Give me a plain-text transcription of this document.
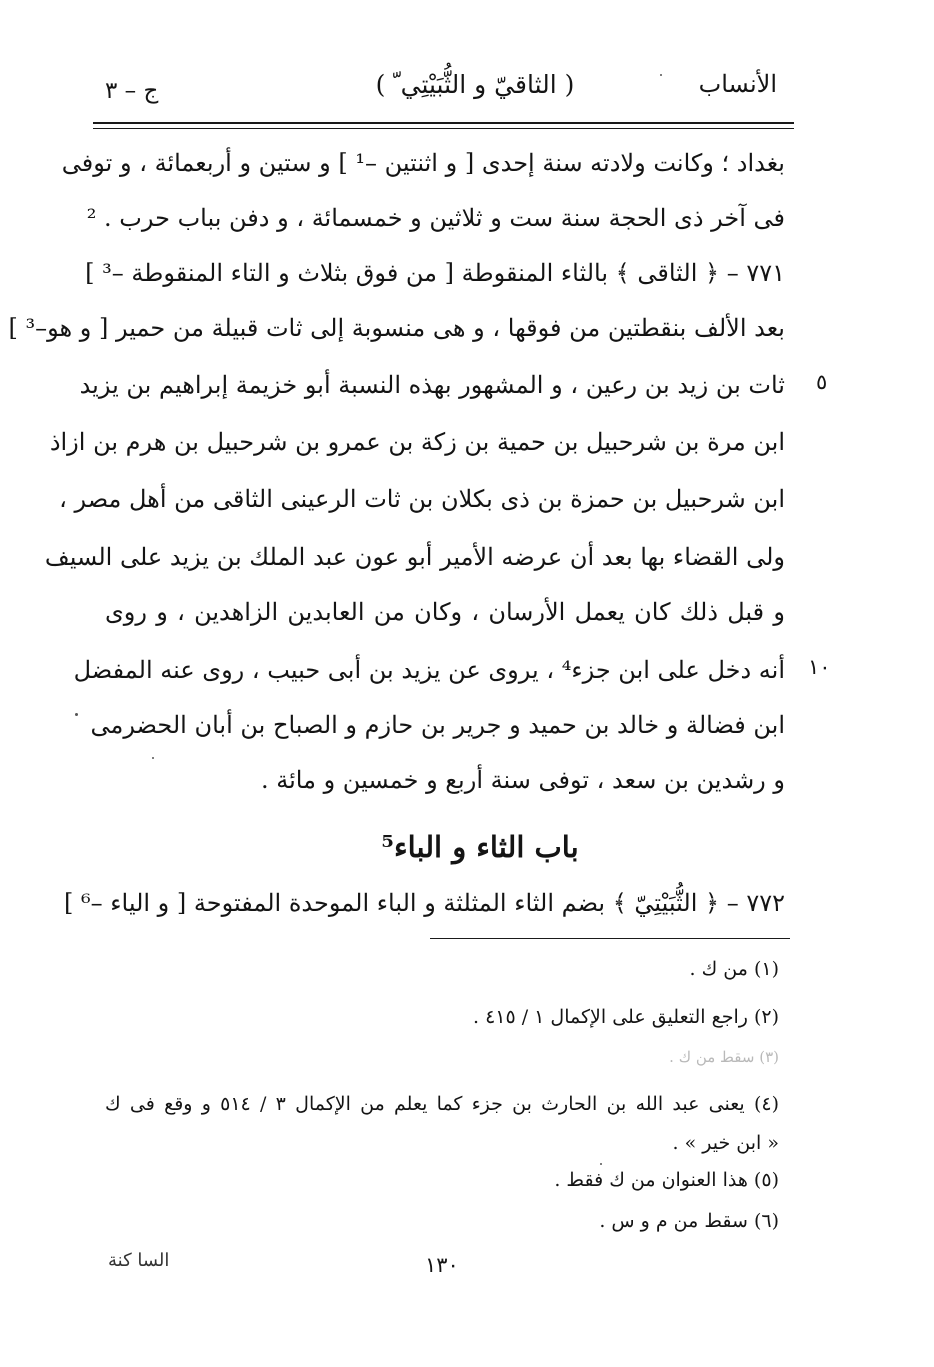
الأنساب
( الثاقيّ و الثُّبَيْتِي ّ )
ج – ٣
بغداد ؛ وكانت ولادته سنة إحدى [ و اثنتين –¹ ] و ستين و أربعمائة ، و توفى
فى آخر ذى الحجة سنة ست و ثلاثين و خمسمائة ، و دفن بباب حرب . ²
٧٧١ – ﴿ الثاقى ﴾ بالثاء المنقوطة [ من فوق بثلاث و التاء المنقوطة –³ ]
بعد الألف بنقطتين من فوقها ، و هى منسوبة إلى ثات قبيلة من حمير [ و هو–³ ]
ثات بن زيد بن رعين ، و المشهور بهذه النسبة أبو خزيمة إبراهيم بن يزيد
ابن مرة بن شرحبيل بن حمية بن زكة بن عمرو بن شرحبيل بن هرم بن ازاذ
ابن شرحبيل بن حمزة بن ذى بكلان بن ثات الرعينى الثاقى من أهل مصر ،
ولى القضاء بها بعد أن عرضه الأمير أبو عون عبد الملك بن يزيد على السيف
و قبل ذلك كان يعمل الأرسان ، وكان من العابدين الزاهدين ، و روى
أنه دخل على ابن جزء⁴ ، يروى عن يزيد بن أبى حبيب ، روى عنه المفضل
ابن فضالة و خالد بن حميد و جرير بن حازم و الصباح بن أبان الحضرمى
و رشدين بن سعد ، توفى سنة أربع و خمسين و مائة .
٥
١٠
باب الثاء و الباء⁵
٧٧٢ – ﴿ الثُّبَيْتِيّ ﴾ بضم الثاء المثلثة و الباء الموحدة المفتوحة [ و الياء –⁶ ]
(١) من ك .
(٢) راجع التعليق على الإكمال ١ / ٤١٥ .
(٣) سقط من ك .
(٤) يعنى عبد الله بن الحارث بن جزء كما يعلم من الإكمال ٣ / ٥١٤ و وقع فى ك
« ابن خير » .
(٥) هذا العنوان من ك فقط .
(٦) سقط من م و س .
١٣٠
السا كنة
